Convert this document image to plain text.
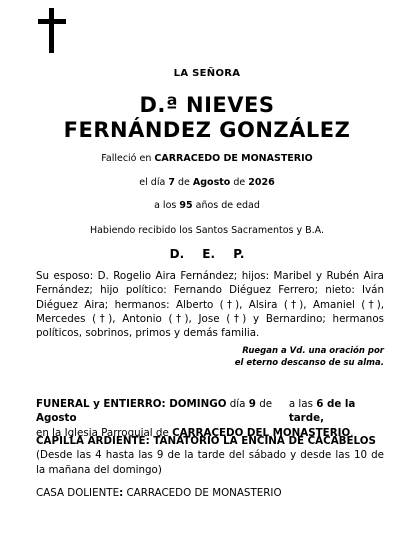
LA SEÑORA
D.ª NIEVES
FERNÁNDEZ GONZÁLEZ
Falleció en CARRACEDO DE MONASTERIO
el día 7 de Agosto de 2026
a los 95 años de edad
Habiendo recibido los Santos Sacramentos y B.A.
D. E. P.
Su esposo: D. Rogelio Aira Fernández; hijos: Maribel y Rubén Aira Fernández; hijo político: Fernando Diéguez Ferrero; nieto: Iván Diéguez Aira; hermanos: Alberto (†), Alsira (†), Amaniel (†), Mercedes (†), Antonio (†), Jose (†) y Bernardino; hermanos políticos, sobrinos, primos y demás familia.
Ruegan a Vd. una oración por
el eterno descanso de su alma.
FUNERAL y ENTIERRO: DOMINGO día 9 de Agosto
a las 6 de la tarde,
en la Iglesia Parroquial de CARRACEDO DEL MONASTERIO.
CAPILLA ARDIENTE: TANATORIO LA ENCINA DE CACABELOS
(Desde las 4 hasta las 9 de la tarde del sábado y desde las 10 de la mañana del domingo)
CASA DOLIENTE: CARRACEDO DE MONASTERIO
